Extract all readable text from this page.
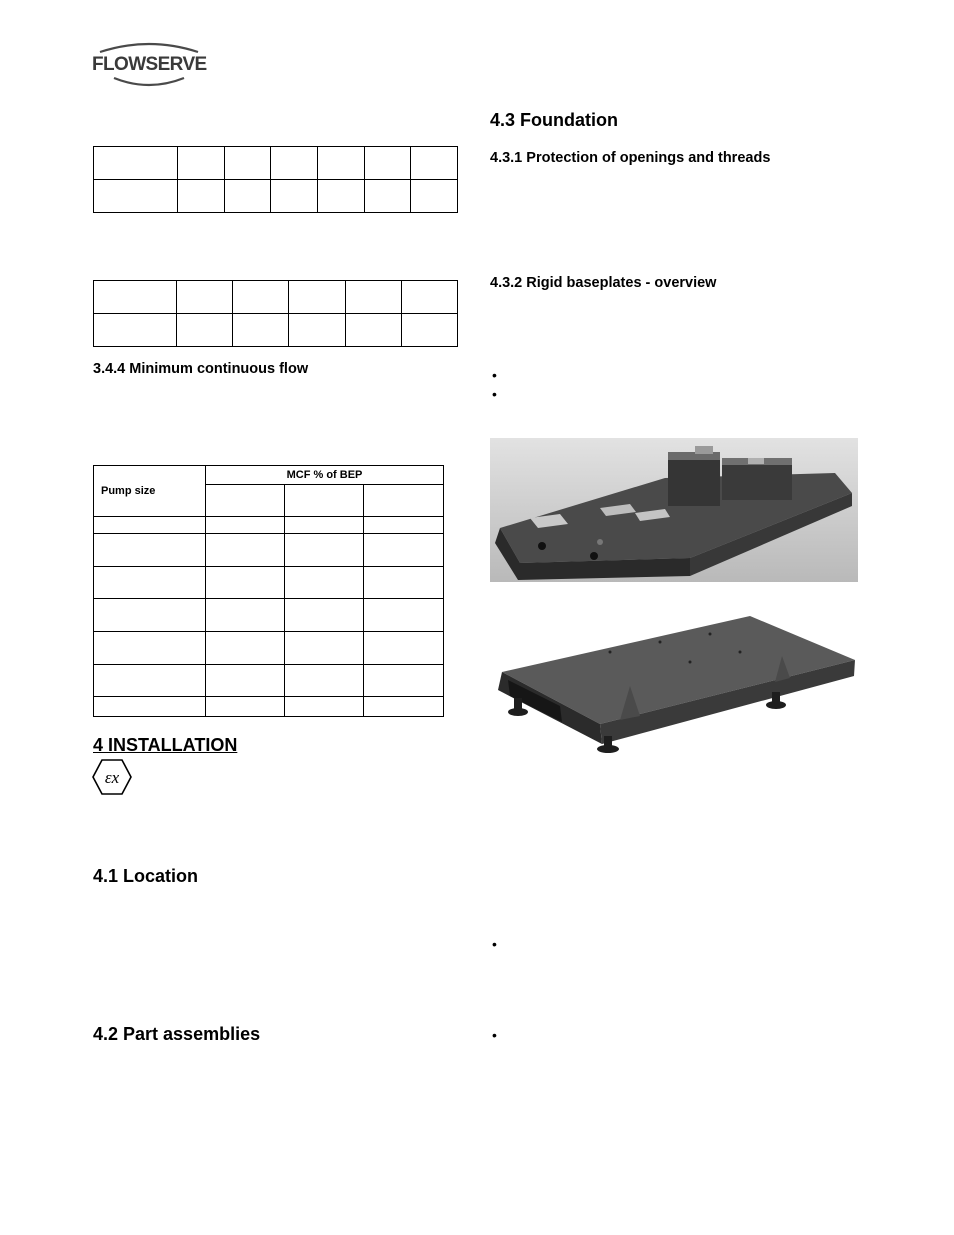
FLOWSERVE

3.4.4 Minimum continuous flow
Pump size	MCF % of BEP		

4 INSTALLATION
εx
4.1 Location
4.2 Part assemblies
4.3 Foundation
4.3.1 Protection of openings and threads
4.3.2 Rigid baseplates - overview
•
•
•
•
